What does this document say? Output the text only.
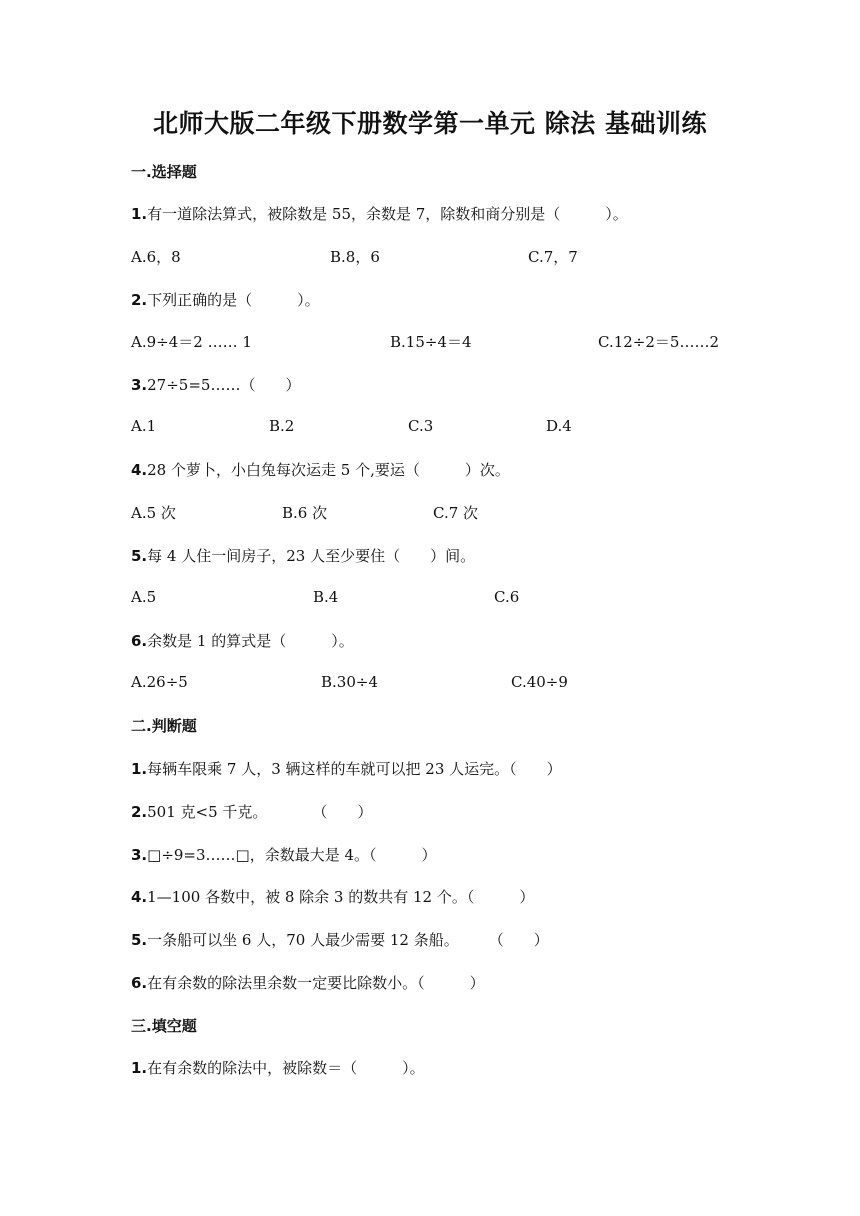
北师大版二年级下册数学第一单元 除法 基础训练
一.选择题
1.有一道除法算式，被除数是 55，余数是 7，除数和商分别是（　　　）。
A.6，8	B.8，6	C.7，7
2.下列正确的是（　　　）。
A.9÷4＝2 …… 1	B.15÷4＝4	C.12÷2＝5……2
3.27÷5=5……（　　）
A.1	B.2	C.3	D.4
4.28 个萝卜，小白兔每次运走 5 个,要运（　　　）次。
A.5 次	B.6 次	C.7 次
5.每 4 人住一间房子，23 人至少要住（　　）间。
A.5	B.4	C.6
6.余数是 1 的算式是（　　　）。
A.26÷5	B.30÷4	C.40÷9
二.判断题
1.每辆车限乘 7 人，3 辆这样的车就可以把 23 人运完。（　　）
2.501 克<5 千克。　　　　（　　）
3.□÷9=3……□，余数最大是 4。（　　　）
4.1—100 各数中，被 8 除余 3 的数共有 12 个。（　　　）
5.一条船可以坐 6 人，70 人最少需要 12 条船。　　　（　　）
6.在有余数的除法里余数一定要比除数小。（　　　）
三.填空题
1.在有余数的除法中，被除数＝（　　　）。
